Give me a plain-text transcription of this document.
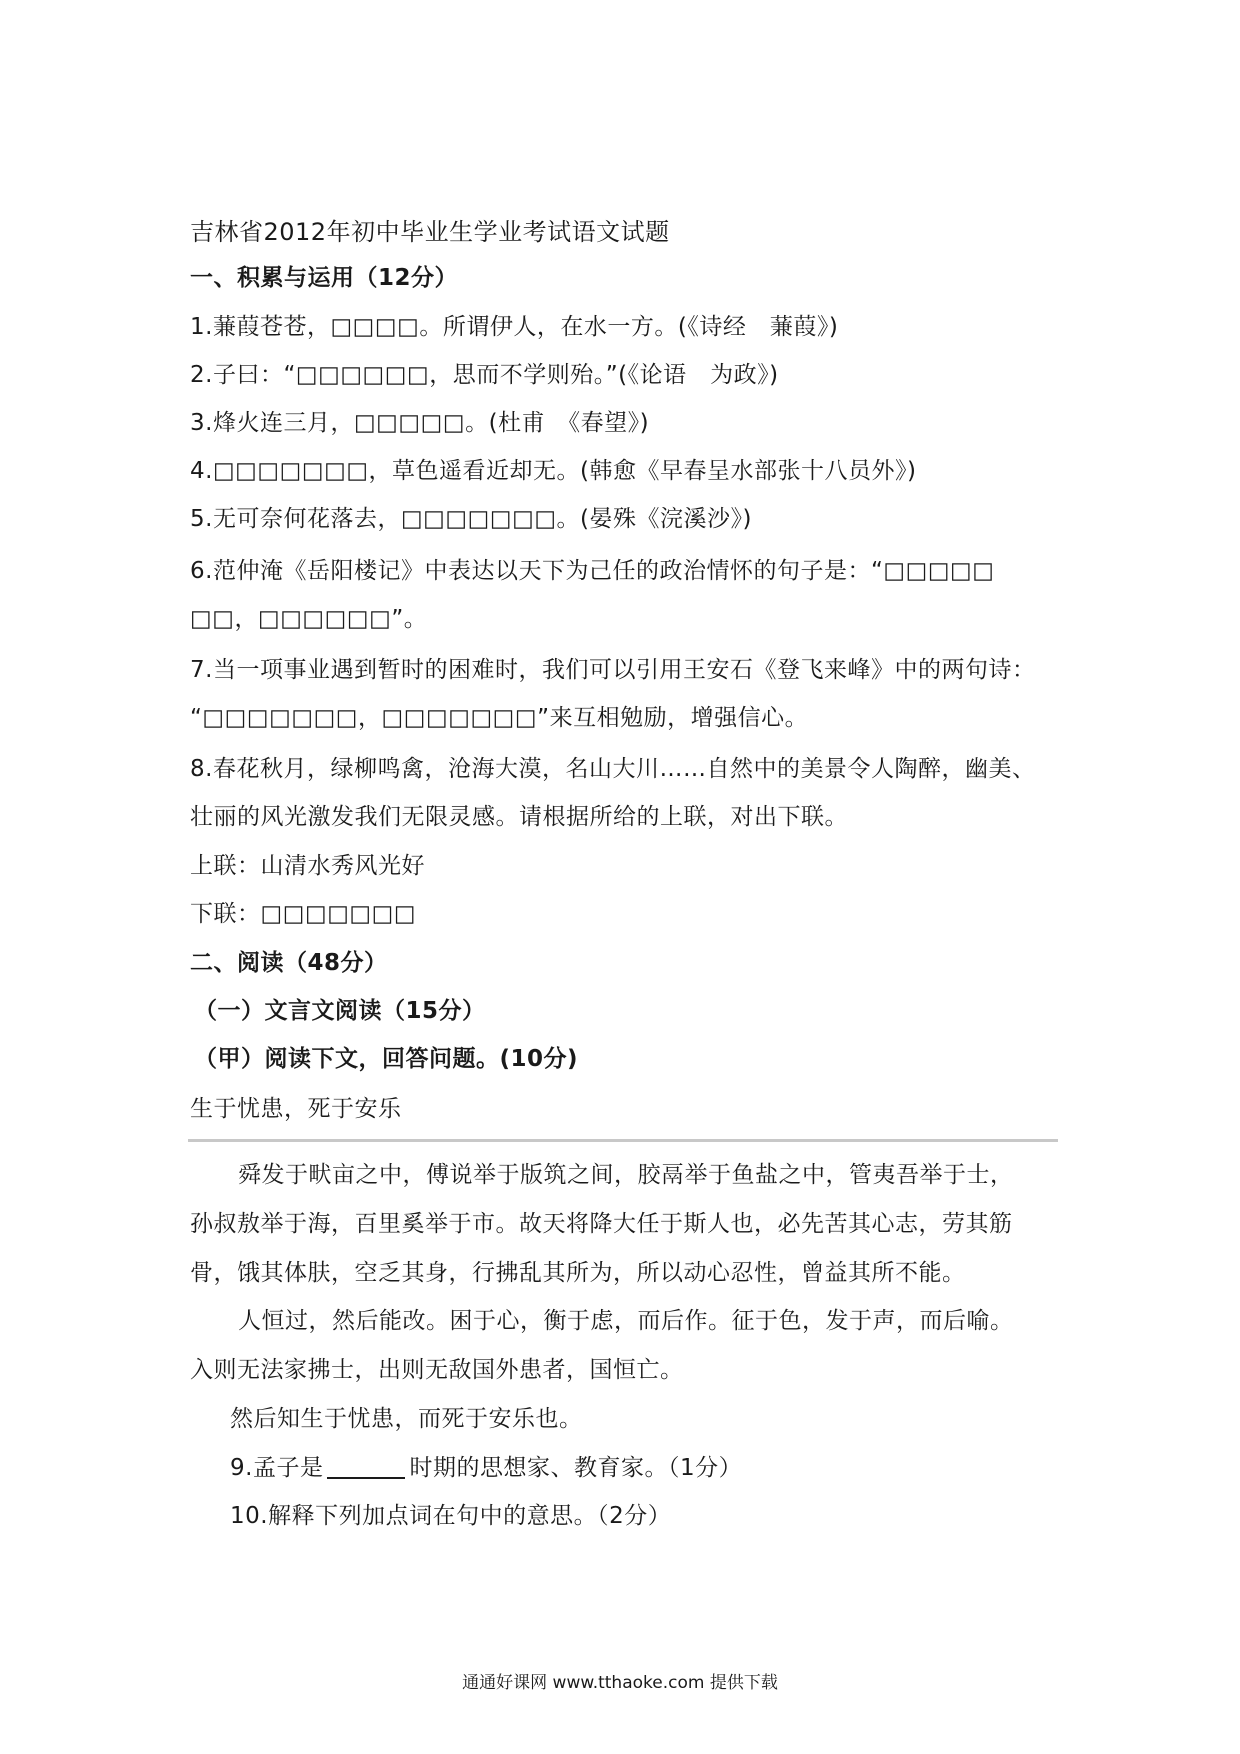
吉林省2012年初中毕业生学业考试语文试题
一、积累与运用（12分）
1.蒹葭苍苍，□□□□。所谓伊人，在水一方。(《诗经　蒹葭》)
2.子曰：“□□□□□□，思而不学则殆。”(《论语　为政》)
3.烽火连三月，□□□□□。(杜甫　《春望》)
4.□□□□□□□，草色遥看近却无。(韩愈《早春呈水部张十八员外》)
5.无可奈何花落去，□□□□□□□。(晏殊《浣溪沙》)
6.范仲淹《岳阳楼记》中表达以天下为己任的政治情怀的句子是：“□□□□□
□□，□□□□□□”。
7.当一项事业遇到暂时的困难时，我们可以引用王安石《登飞来峰》中的两句诗：
“□□□□□□□，□□□□□□□”来互相勉励，增强信心。
8.春花秋月，绿柳鸣禽，沧海大漠，名山大川……自然中的美景令人陶醉，幽美、
壮丽的风光激发我们无限灵感。请根据所给的上联，对出下联。
上联：山清水秀风光好
下联：□□□□□□□
二、阅读（48分）
（一）文言文阅读（15分）
（甲）阅读下文，回答问题。(10分)
生于忧患，死于安乐
舜发于畎亩之中，傅说举于版筑之间，胶鬲举于鱼盐之中，管夷吾举于士，
孙叔敖举于海，百里奚举于市。故天将降大任于斯人也，必先苦其心志，劳其筋
骨，饿其体肤，空乏其身，行拂乱其所为，所以动心忍性，曾益其所不能。
人恒过，然后能改。困于心，衡于虑，而后作。征于色，发于声，而后喻。
入则无法家拂士，出则无敌国外患者，国恒亡。
然后知生于忧患，而死于安乐也。
9.孟子是	时期的思想家、教育家。（1分）
10.解释下列加点词在句中的意思。（2分）
通通好课网 www.tthaoke.com 提供下载
